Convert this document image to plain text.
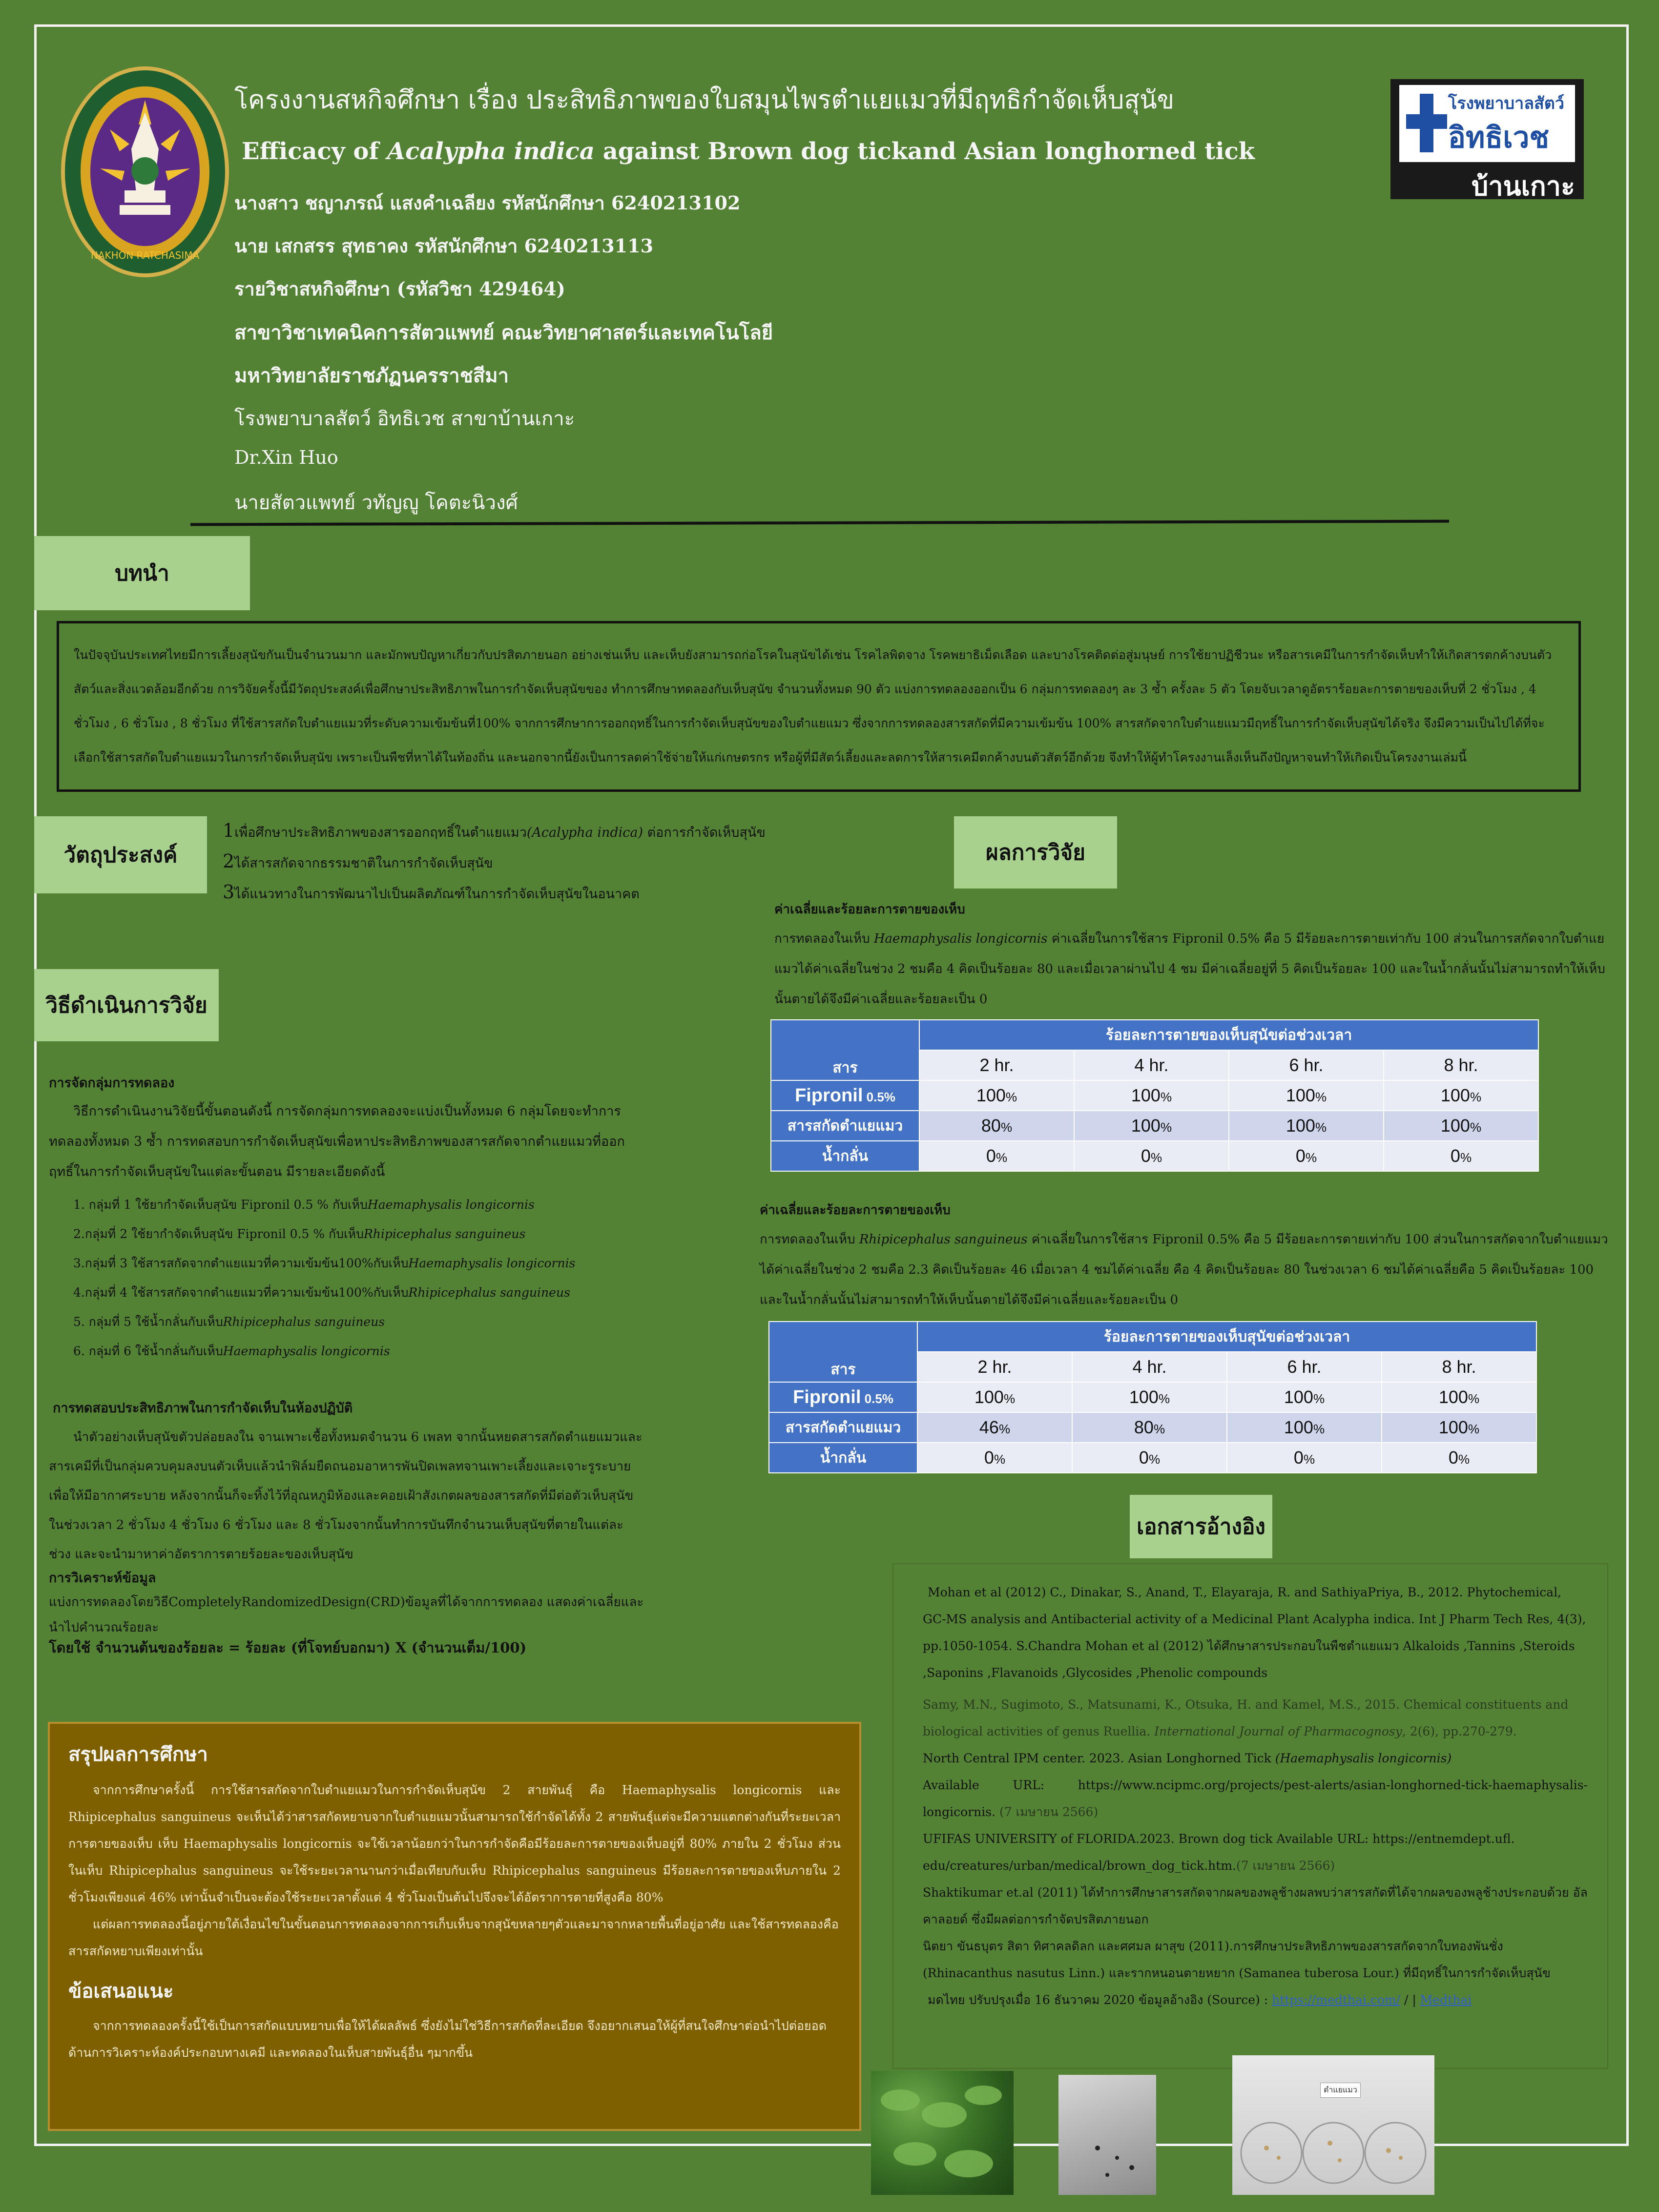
NAKHON RATCHASIMA
โครงงานสหกิจศึกษา เรื่อง ประสิทธิภาพของใบสมุนไพรตำแยแมวที่มีฤทธิกำจัดเห็บสุนัข
Efficacy of Acalypha indica against Brown dog tickand Asian longhorned tick
นางสาว ชญาภรณ์ แสงคำเฉลียง รหัสนักศึกษา 6240213102
นาย เสกสรร สุทธาคง รหัสนักศึกษา 6240213113
รายวิชาสหกิจศึกษา (รหัสวิชา 429464)
สาขาวิชาเทคนิคการสัตวแพทย์ คณะวิทยาศาสตร์และเทคโนโลยี
มหาวิทยาลัยราชภัฏนครราชสีมา
โรงพยาบาลสัตว์ อิทธิเวช สาขาบ้านเกาะ
Dr.Xin Huo
นายสัตวแพทย์ วทัญญู โคตะนิวงศ์
โรงพยาบาลสัตว์
อิทธิเวช
บ้านเกาะ
บทนำ
ในปัจจุบันประเทศไทยมีการเลี้ยงสุนัขกันเป็นจำนวนมาก และมักพบปัญหาเกี่ยวกับปรสิตภายนอก อย่างเช่นเห็บ และเห็บยังสามารถก่อโรคในสุนัขได้เช่น โรคไลพิดจาง โรคพยาธิเม็ดเลือด และบางโรคติดต่อสู่มนุษย์ การใช้ยาปฏิชีวนะ หรือสารเคมีในการกำจัดเห็บทำให้เกิดสารตกค้างบนตัวสัตว์และสิ่งแวดล้อมอีกด้วย การวิจัยครั้งนี้มีวัตถุประสงค์เพื่อศึกษาประสิทธิภาพในการกำจัดเห็บสุนัขของ ทำการศึกษาทดลองกับเห็บสุนัข จำนวนทั้งหมด 90 ตัว แบ่งการทดลองออกเป็น 6 กลุ่มการทดลองๆ ละ 3 ซ้ำ ครั้งละ 5 ตัว โดยจับเวลาดูอัตราร้อยละการตายของเห็บที่ 2 ชั่วโมง , 4 ชั่วโมง , 6 ชั่วโมง , 8 ชั่วโมง ที่ใช้สารสกัดใบตำแยแมวที่ระดับความเข้มข้นที่100% จากการศึกษาการออกฤทธิ์ในการกำจัดเห็บสุนัขของใบตำแยแมว ซึ่งจากการทดลองสารสกัดที่มีความเข้มข้น 100% สารสกัดจากใบตำแยแมวมีฤทธิ์ในการกำจัดเห็บสุนัขได้จริง จึงมีความเป็นไปได้ที่จะเลือกใช้สารสกัดใบตำแยแมวในการกำจัดเห็บสุนัข เพราะเป็นพืชที่หาได้ในท้องถิ่น และนอกจากนี้ยังเป็นการลดค่าใช้จ่ายให้แก่เกษตรกร หรือผู้ที่มีสัตว์เลี้ยงและลดการให้สารเคมีตกค้างบนตัวสัตว์อีกด้วย จึงทำให้ผู้ทำโครงงานเล็งเห็นถึงปัญหาจนทำให้เกิดเป็นโครงงานเล่มนี้
วัตถุประสงค์
1เพื่อศึกษาประสิทธิภาพของสารออกฤทธิ์ในตำแยแมว(Acalypha indica) ต่อการกำจัดเห็บสุนัข
2ได้สารสกัดจากธรรมชาติในการกำจัดเห็บสุนัข
3ได้แนวทางในการพัฒนาไปเป็นผลิตภัณฑ์ในการกำจัดเห็บสุนัขในอนาคต
วิธีดำเนินการวิจัย
การจัดกลุ่มการทดลอง
วิธีการดำเนินงานวิจัยนี้ขั้นตอนดังนี้ การจัดกลุ่มการทดลองจะแบ่งเป็นทั้งหมด 6 กลุ่มโดยจะทำการทดลองทั้งหมด 3 ซ้ำ การทดสอบการกำจัดเห็บสุนัขเพื่อหาประสิทธิภาพของสารสกัดจากตำแยแมวที่ออกฤทธิ์ในการกำจัดเห็บสุนัขในแต่ละขั้นตอน มีรายละเอียดดังนี้
1. กลุ่มที่ 1 ใช้ยากำจัดเห็บสุนัข Fipronil 0.5 % กับเห็บHaemaphysalis longicornis
2.กลุ่มที่ 2 ใช้ยากำจัดเห็บสุนัข Fipronil 0.5 % กับเห็บRhipicephalus sanguineus
3.กลุ่มที่ 3 ใช้สารสกัดจากตำแยแมวที่ความเข้มข้น100%กับเห็บHaemaphysalis longicornis
4.กลุ่มที่ 4 ใช้สารสกัดจากตำแยแมวที่ความเข้มข้น100%กับเห็บRhipicephalus sanguineus
5. กลุ่มที่ 5 ใช้น้ำกลั่นกับเห็บRhipicephalus sanguineus
6. กลุ่มที่ 6 ใช้น้ำกลั่นกับเห็บHaemaphysalis longicornis
การทดสอบประสิทธิภาพในการกำจัดเห็บในห้องปฏิบัติ
นำตัวอย่างเห็บสุนัขตัวปล่อยลงใน จานเพาะเชื้อทั้งหมดจำนวน 6 เพลท จากนั้นหยดสารสกัดตำแยแมวและสารเคมีที่เป็นกลุ่มควบคุมลงบนตัวเห็บแล้วนำฟิล์มยืดถนอมอาหารพันปิดเพลทจานเพาะเลี้ยงและเจาะรูระบายเพื่อให้มีอากาศระบาย หลังจากนั้นก็จะทิ้งไว้ที่อุณหภูมิห้องและคอยเฝ้าสังเกตผลของสารสกัดที่มีต่อตัวเห็บสุนัขในช่วงเวลา 2 ชั่วโมง 4 ชั่วโมง 6 ชั่วโมง และ 8 ชั่วโมงจากนั้นทำการบันทึกจำนวนเห็บสุนัขที่ตายในแต่ละช่วง และจะนำมาหาค่าอัตราการตายร้อยละของเห็บสุนัข
การวิเคราะห์ข้อมูล
แบ่งการทดลองโดยวิธีCompletelyRandomizedDesign(CRD)ข้อมูลที่ได้จากการทดลอง แสดงค่าเฉลี่ยและนำไปคำนวณร้อยละ
โดยใช้ จำนวนต้นของร้อยละ = ร้อยละ (ที่โจทย์บอกมา) X (จำนวนเต็ม/100)
สรุปผลการศึกษา

จากการศึกษาครั้งนี้ การใช้สารสกัดจากใบตำแยแมวในการกำจัดเห็บสุนัข 2 สายพันธุ์ คือ Haemaphysalis longicornis และ Rhipicephalus sanguineus จะเห็นได้ว่าสารสกัดหยาบจากใบตำแยแมวนั้นสามารถใช้กำจัดได้ทั้ง 2 สายพันธุ์แต่จะมีความแตกต่างกันที่ระยะเวลาการตายของเห็บ เห็บ Haemaphysalis longicornis จะใช้เวลาน้อยกว่าในการกำจัดคือมีร้อยละการตายของเห็บอยู่ที่ 80% ภายใน 2 ชั่วโมง ส่วนในเห็บ Rhipicephalus sanguineus จะใช้ระยะเวลานานกว่าเมื่อเทียบกับเห็บ Rhipicephalus sanguineus มีร้อยละการตายของเห็บภายใน 2 ชั่วโมงเพียงแค่ 46% เท่านั้นจำเป็นจะต้องใช้ระยะเวลาตั้งแต่ 4 ชั่วโมงเป็นต้นไปจึงจะได้อัตราการตายที่สูงคือ 80%

แต่ผลการทดลองนี้อยู่ภายใต้เงื่อนไขในขั้นตอนการทดลองจากการเก็บเห็บจากสุนัขหลายๆตัวและมาจากหลายพื้นที่อยู่อาศัย และใช้สารทดลองคือสารสกัดหยาบเพียงเท่านั้น

ข้อเสนอแนะ

จากการทดลองครั้งนี้ใช้เป็นการสกัดแบบหยาบเพื่อให้ได้ผลลัพธ์ ซึ่งยังไม่ใช่วิธีการสกัดที่ละเอียด จึงอยากเสนอให้ผู้ที่สนใจศึกษาต่อนำไปต่อยอดด้านการวิเคราะห์องค์ประกอบทางเคมี และทดลองในเห็บสายพันธุ์อื่น ๆมากขึ้น

ผลการวิจัย
ค่าเฉลี่ยและร้อยละการตายของเห็บ
การทดลองในเห็บ Haemaphysalis longicornis ค่าเฉลี่ยในการใช้สาร Fipronil 0.5% คือ 5 มีร้อยละการตายเท่ากับ 100 ส่วนในการสกัดจากใบตำแยแมวได้ค่าเฉลี่ยในช่วง 2 ชมคือ 4 คิดเป็นร้อยละ 80 และเมื่อเวลาผ่านไป 4 ชม มีค่าเฉลี่ยอยู่ที่ 5 คิดเป็นร้อยละ 100 และในน้ำกลั่นนั้นไม่สามารถทำให้เห็บนั้นตายได้จึงมีค่าเฉลี่ยและร้อยละเป็น 0
สาร	ร้อยละการตายของเห็บสุนัขต่อช่วงเวลา			
	2 hr.	4 hr.	6 hr.	8 hr.
Fipronil 0.5%	100%	100%	100%	100%
สารสกัดตำแยแมว	80%	100%	100%	100%
น้ำกลั่น	0%	0%	0%	0%
ค่าเฉลี่ยและร้อยละการตายของเห็บ
การทดลองในเห็บ Rhipicephalus sanguineus ค่าเฉลี่ยในการใช้สาร Fipronil 0.5% คือ 5 มีร้อยละการตายเท่ากับ 100 ส่วนในการสกัดจากใบตำแยแมวได้ค่าเฉลี่ยในช่วง 2 ชมคือ 2.3 คิดเป็นร้อยละ 46 เมื่อเวลา 4 ชมได้ค่าเฉลี่ย คือ 4 คิดเป็นร้อยละ 80 ในช่วงเวลา 6 ชมได้ค่าเฉลี่ยคือ 5 คิดเป็นร้อยละ 100 และในน้ำกลั่นนั้นไม่สามารถทำให้เห็บนั้นตายได้จึงมีค่าเฉลี่ยและร้อยละเป็น 0
สาร	ร้อยละการตายของเห็บสุนัขต่อช่วงเวลา			
	2 hr.	4 hr.	6 hr.	8 hr.
Fipronil 0.5%	100%	100%	100%	100%
สารสกัดตำแยแมว	46%	80%	100%	100%
น้ำกลั่น	0%	0%	0%	0%
เอกสารอ้างอิง

Mohan et al (2012) C., Dinakar, S., Anand, T., Elayaraja, R. and SathiyaPriya, B., 2012. Phytochemical, GC-MS analysis and Antibacterial activity of a Medicinal Plant Acalypha indica. Int J Pharm Tech Res, 4(3), pp.1050-1054. S.Chandra Mohan et al (2012) ได้ศึกษาสารประกอบในพืชตำแยแมว Alkaloids ,Tannins ,Steroids ,Saponins ,Flavanoids ,Glycosides ,Phenolic compounds

Samy, M.N., Sugimoto, S., Matsunami, K., Otsuka, H. and Kamel, M.S., 2015. Chemical constituents and biological activities of genus Ruellia. International Journal of Pharmacognosy, 2(6), pp.270-279.

North Central IPM center. 2023. Asian Longhorned Tick (Haemaphysalis longicornis)

Available URL: https://www.ncipmc.org/projects/pest-alerts/asian-longhorned-tick-haemaphysalis-longicornis. (7 เมษายน 2566)

UFIFAS UNIVERSITY of FLORIDA.2023. Brown dog tick Available URL: https://entnemdept.ufl. edu/creatures/urban/medical/brown_dog_tick.htm.(7 เมษายน 2566)

Shaktikumar et.al (2011) ได้ทำการศึกษาสารสกัดจากผลของพลูช้างผลพบว่าสารสกัดที่ได้จากผลของพลูช้างประกอบด้วย อัลคาลอยด์ ซึ่งมีผลต่อการกำจัดปรสิตภายนอก

นิตยา ขันธบุตร สิตา ทิศาคลดิลก และศศมล ผาสุข (2011).การศึกษาประสิทธิภาพของสารสกัดจากใบทองพันชั่ง (Rhinacanthus nasutus Linn.) และรากหนอนตายหยาก (Samanea tuberosa Lour.) ที่มีฤทธิ์ในการกำจัดเห็บสุนัข

มดไทย ปรับปรุงเมื่อ 16 ธันวาคม 2020 ข้อมูลอ้างอิง (Source) : https://medthai.com/ / | Medthai

ตำแยแมว
